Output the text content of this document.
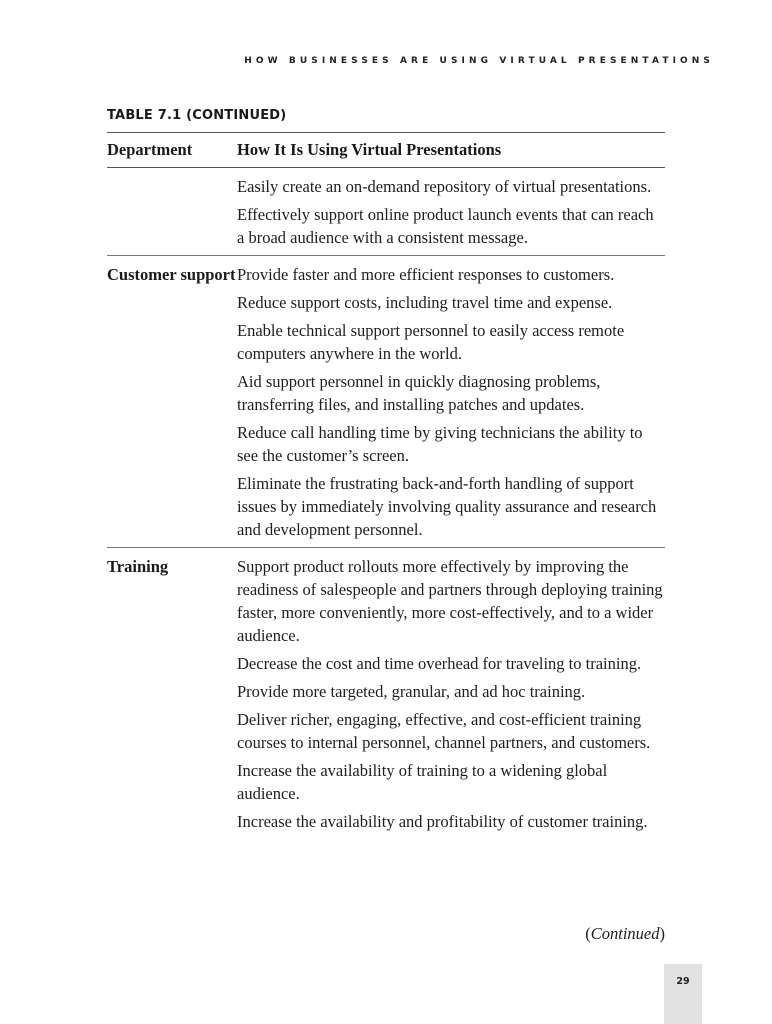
HOW BUSINESSES ARE USING VIRTUAL PRESENTATIONS
TABLE 7.1 (CONTINUED)
Department	How It Is Using Virtual Presentations
Easily create an on-demand repository of virtual presentations.
Effectively support online product launch events that can reach a broad audience with a consistent message.
Customer support Provide faster and more efficient responses to customers.
Reduce support costs, including travel time and expense.
Enable technical support personnel to easily access remote computers anywhere in the world.
Aid support personnel in quickly diagnosing problems, transferring files, and installing patches and updates.
Reduce call handling time by giving technicians the ability to see the customer’s screen.
Eliminate the frustrating back-and-forth handling of support issues by immediately involving quality assurance and research and development personnel.
Training	Support product rollouts more effectively by improving the readiness of salespeople and partners through deploying training faster, more conveniently, more cost-effectively, and to a wider audience.
Decrease the cost and time overhead for traveling to training.
Provide more targeted, granular, and ad hoc training.
Deliver richer, engaging, effective, and cost-efficient training courses to internal personnel, channel partners, and customers.
Increase the availability of training to a widening global audience.
Increase the availability and profitability of customer training.
(Continued)
29
